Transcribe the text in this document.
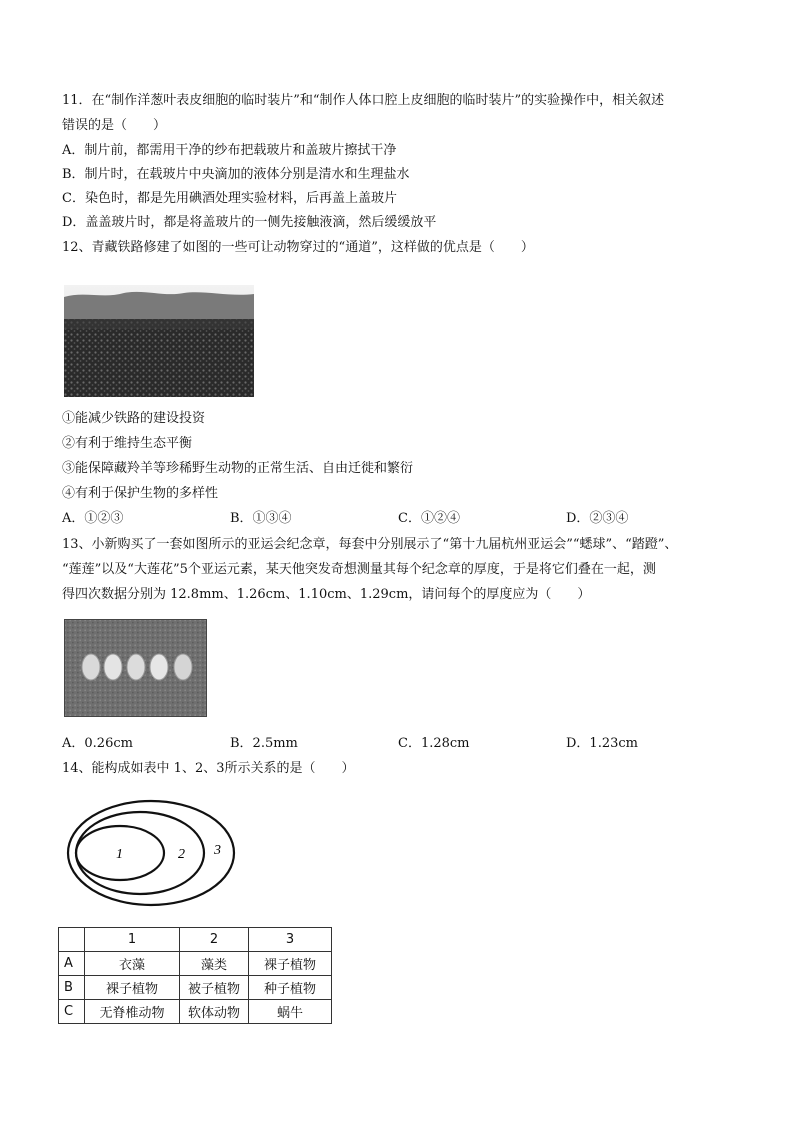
11．在“制作洋葱叶表皮细胞的临时装片”和“制作人体口腔上皮细胞的临时装片”的实验操作中，相关叙述
错误的是（　　）
A．制片前，都需用干净的纱布把载玻片和盖玻片擦拭干净
B．制片时，在载玻片中央滴加的液体分别是清水和生理盐水
C．染色时，都是先用碘酒处理实验材料，后再盖上盖玻片
D．盖盖玻片时，都是将盖玻片的一侧先接触液滴，然后缓缓放平
12、青藏铁路修建了如图的一些可让动物穿过的“通道”，这样做的优点是（　　）
①能减少铁路的建设投资
②有利于维持生态平衡
③能保障藏羚羊等珍稀野生动物的正常生活、自由迁徙和繁衍
④有利于保护生物的多样性
A．①②③	B．①③④	C．①②④	D．②③④
13、小新购买了一套如图所示的亚运会纪念章，每套中分别展示了“第十九届杭州亚运会”“蟋球”、“踏蹬”、
“莲莲”以及“大莲花”5个亚运元素，某天他突发奇想测量其每个纪念章的厚度，于是将它们叠在一起，测
得四次数据分别为 12.8mm、1.26cm、1.10cm、1.29cm，请问每个的厚度应为（　　）
A．0.26cm	B．2.5mm	C．1.28cm	D．1.23cm
14、能构成如表中 1、2、3所示关系的是（　　）
1	2 3
	1	2	3
A	衣藻	藻类	裸子植物
B	裸子植物	被子植物	种子植物
C	无脊椎动物	软体动物	蜗牛
